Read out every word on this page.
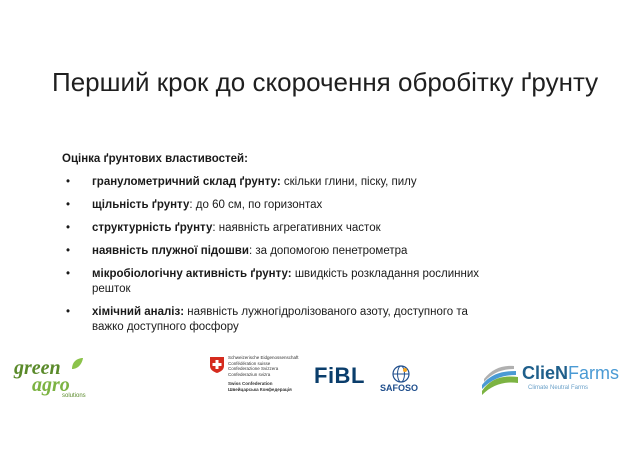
Перший крок до скорочення обробітку ґрунту
Оцінка ґрунтових властивостей:
• гранулометричний склад ґрунту: скільки глини, піску, пилу
• щільність ґрунту: до 60 см, по горизонтах
• структурність ґрунту: наявність агрегативних часток
• наявність плужної підошви: за допомогою пенетрометра
• мікробіологічну активність ґрунту: швидкість розкладання рослинних решток
• хімічний аналіз: наявність лужногідролізованого азоту, доступного та важко доступного фосфору
green
agro
solutions
Schweizerische Eidgenossenschaft
Confédération suisse
Confederazione Svizzera
Confederaziun svizra
Swiss Confederation
Швейцарська Конфедерація
FiBL SAFOSO
ClieNFarms
Climate Neutral Farms
